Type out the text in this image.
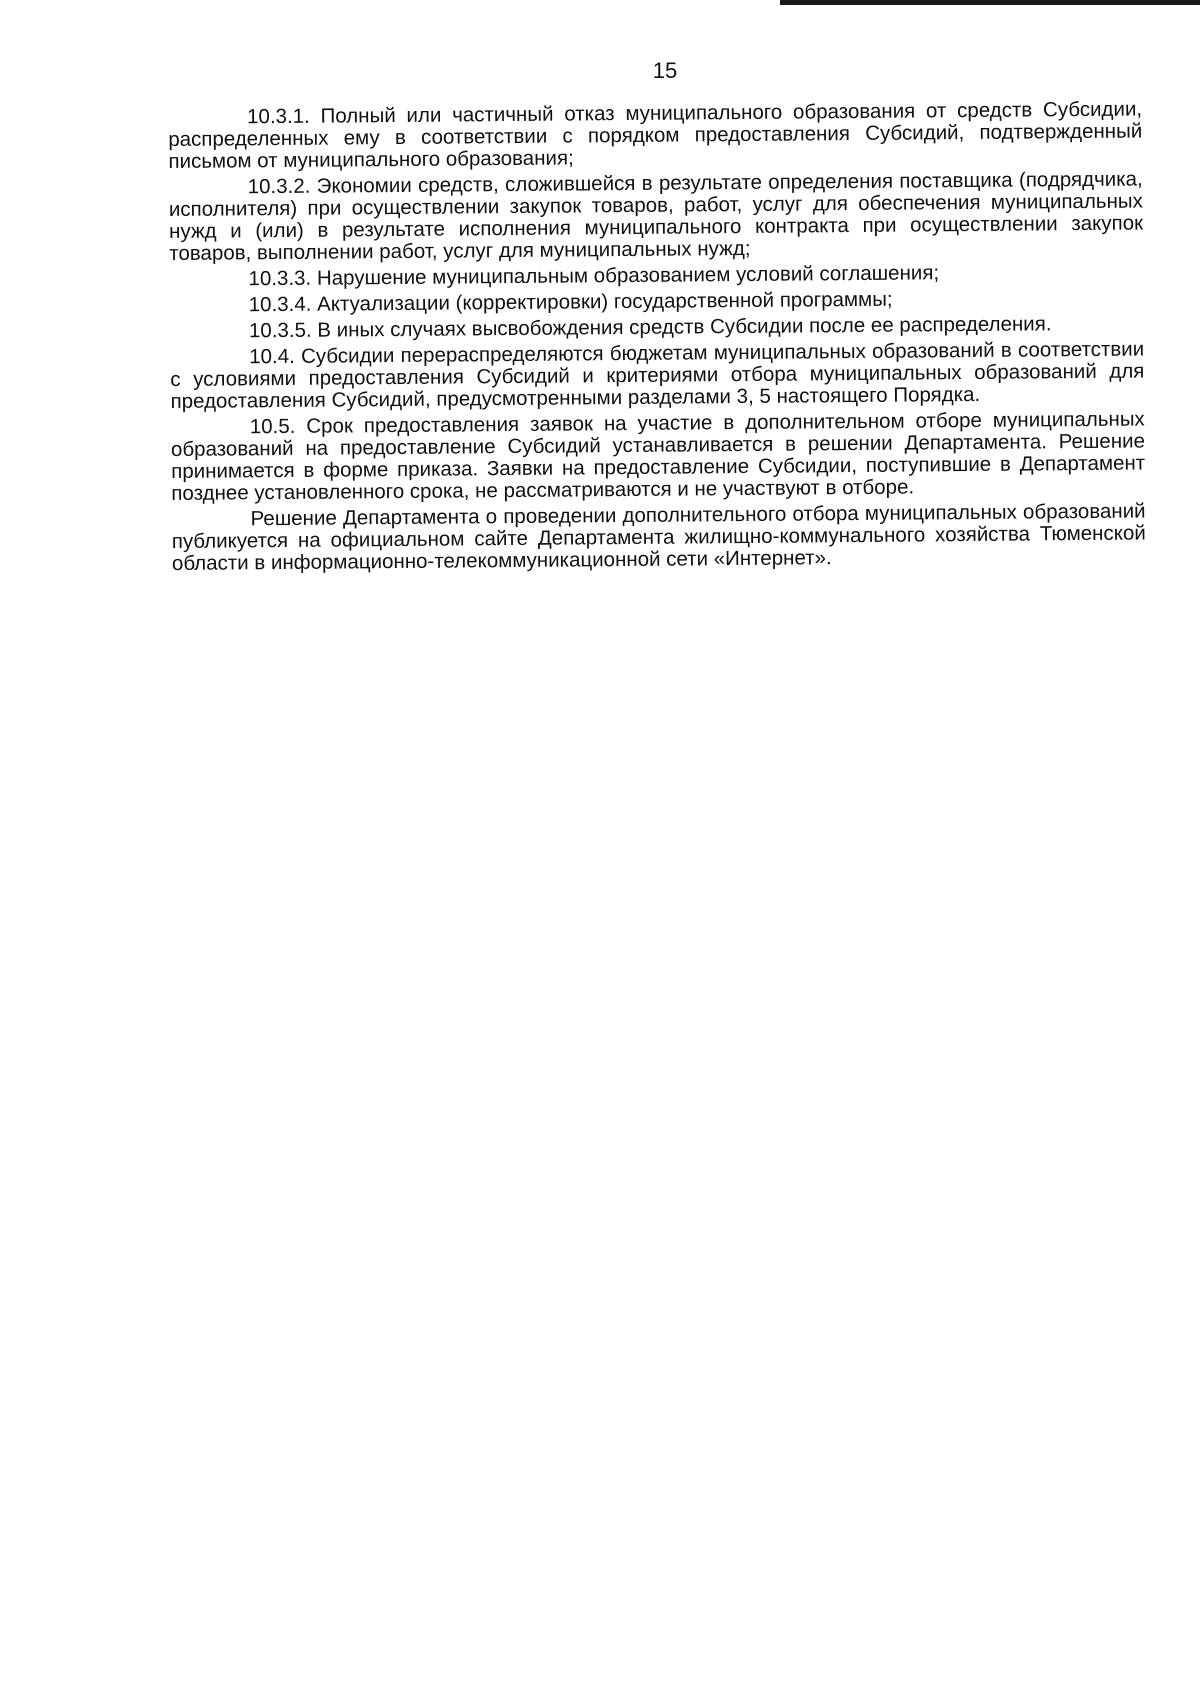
15

10.3.1. Полный или частичный отказ муниципального образования от средств Субсидии, распределенных ему в соответствии с порядком предоставления Субсидий, подтвержденный письмом от муниципального образования;

10.3.2. Экономии средств, сложившейся в результате определения поставщика (подрядчика, исполнителя) при осуществлении закупок товаров, работ, услуг для обеспечения муниципальных нужд и (или) в результате исполнения муниципального контракта при осуществлении закупок товаров, выполнении работ, услуг для муниципальных нужд;

10.3.3. Нарушение муниципальным образованием условий соглашения;

10.3.4. Актуализации (корректировки) государственной программы;

10.3.5. В иных случаях высвобождения средств Субсидии после ее распределения.

10.4. Субсидии перераспределяются бюджетам муниципальных образований в соответствии с условиями предоставления Субсидий и критериями отбора муниципальных образований для предоставления Субсидий, предусмотренными разделами 3, 5 настоящего Порядка.

10.5. Срок предоставления заявок на участие в дополнительном отборе муниципальных образований на предоставление Субсидий устанавливается в решении Департамента. Решение принимается в форме приказа. Заявки на предоставление Субсидии, поступившие в Департамент позднее установленного срока, не рассматриваются и не участвуют в отборе.

Решение Департамента о проведении дополнительного отбора муниципальных образований публикуется на официальном сайте Департамента жилищно-коммунального хозяйства Тюменской области в информационно-телекоммуникационной сети «Интернет».
